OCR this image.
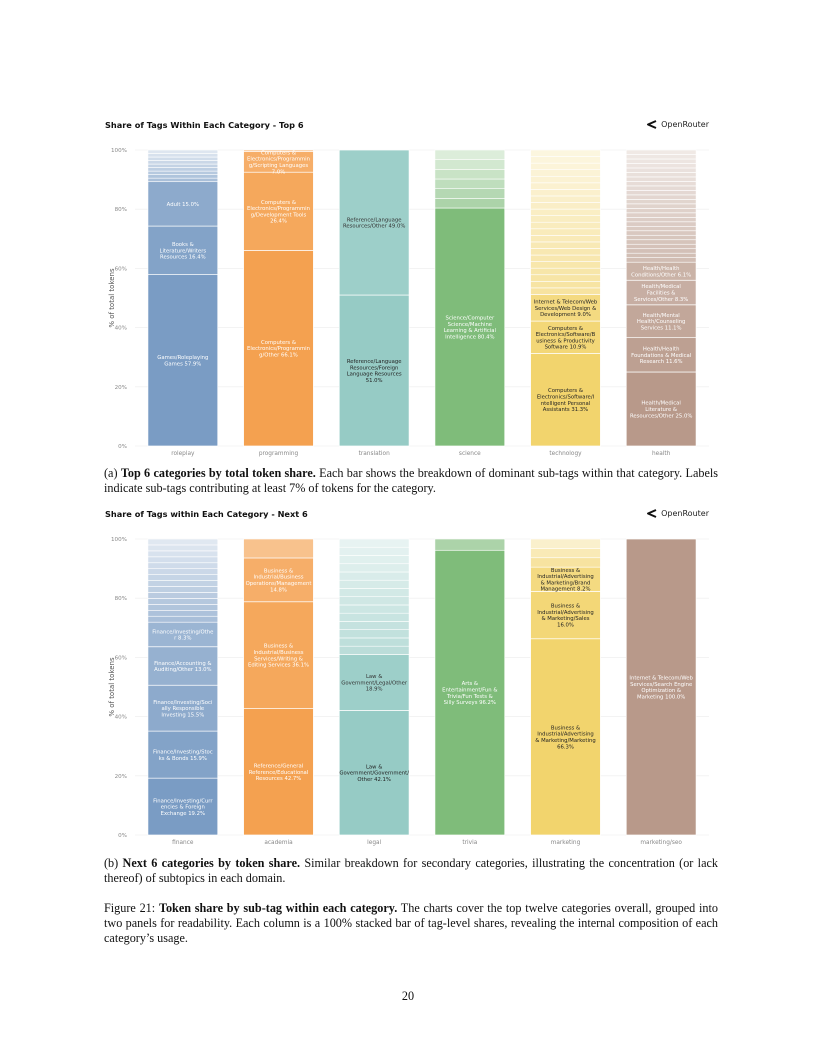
Share of Tags Within Each Category - Top 6	OpenRouter
% of total tokens
0%
20%
40%
60%
80%
100%
Games/Roleplaying Games 57.9%
Books & Literature/Writers Resources 16.4%
Adult 15.0%
roleplay
Computers & Electronics/Programmin g/Other 66.1%
Computers & Electronics/Programmin g/Development Tools 26.4%
Computers & Electronics/Programmin g/Scripting Languages 7.0%
programming
Reference/Language Resources/Foreign Language Resources 51.0%
Reference/Language Resources/Other 49.0%
translation
Science/Computer Science/Machine Learning & Artificial Intelligence 80.4%
science
Computers & Electronics/Software/I ntelligent Personal Assistants 31.3%
Computers & Electronics/Software/B usiness & Productivity Software 10.9%
Internet & Telecom/Web Services/Web Design & Development 9.0%
technology
Health/Medical Literature & Resources/Other 25.0%
Health/Health Foundations & Medical Research 11.6%
Health/Mental Health/Counseling Services 11.1%
Health/Medical Facilities & Services/Other 8.3%
Health/Health Conditions/Other 6.1%
health
(a) Top 6 categories by total token share. Each bar shows the breakdown of dominant sub-tags within that category. Labels indicate sub-tags contributing at least 7% of tokens for the category.
Share of Tags within Each Category - Next 6	OpenRouter
% of total tokens
0%
20%
40%
60%
80%
100%
Finance/Investing/Curr encies & Foreign Exchange 19.2%
Finance/Investing/Stoc ks & Bonds 15.9%
Finance/Investing/Soci ally Responsible Investing 15.5%
Finance/Accounting & Auditing/Other 13.0%
Finance/Investing/Othe r 8.3%
finance
Reference/General Reference/Educational Resources 42.7%
Business & Industrial/Business Services/Writing & Editing Services 36.1%
Business & Industrial/Business Operations/Management 14.8%
academia
Law & Government/Government/ Other 42.1%
Law & Government/Legal/Other 18.9%
legal
Arts & Entertainment/Fun & Trivia/Fun Tests & Silly Surveys 96.2%
trivia
Business & Industrial/Advertising & Marketing/Marketing 66.3%
Business & Industrial/Advertising & Marketing/Sales 16.0%
Business & Industrial/Advertising & Marketing/Brand Management 8.2%
marketing
Internet & Telecom/Web Services/Search Engine Optimization & Marketing 100.0%
marketing/seo
(b) Next 6 categories by token share. Similar breakdown for secondary categories, illustrating the concentration (or lack thereof) of subtopics in each domain.
Figure 21: Token share by sub-tag within each category. The charts cover the top twelve categories overall, grouped into two panels for readability. Each column is a 100% stacked bar of tag-level shares, revealing the internal composition of each category’s usage.
20
